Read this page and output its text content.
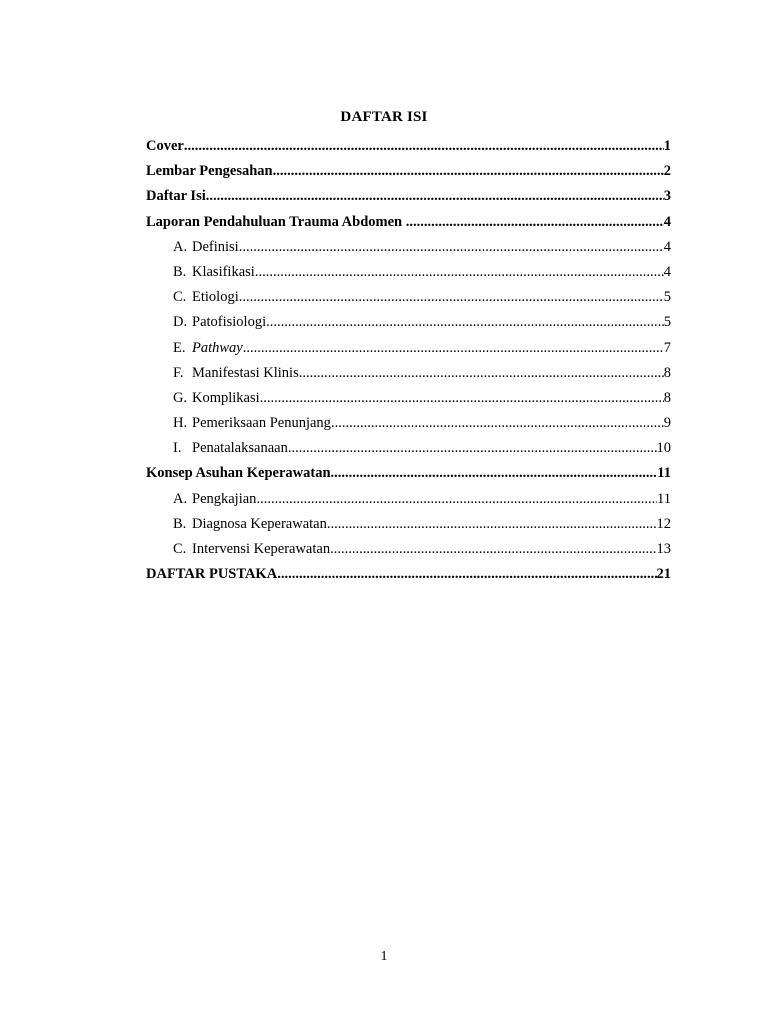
DAFTAR ISI
Cover .....	1
Lembar Pengesahan .....	2
Daftar Isi .....	3
Laporan Pendahuluan Trauma Abdomen .....	4
A. Definisi .....	4
B. Klasifikasi .....	4
C. Etiologi .....	5
D. Patofisiologi .....	5
E. Pathway .....	7
F. Manifestasi Klinis .....	8
G. Komplikasi .....	8
H. Pemeriksaan Penunjang .....	9
I. Penatalaksanaan .....	10
Konsep Asuhan Keperawatan .....	11
A. Pengkajian .....	11
B. Diagnosa Keperawatan .....	12
C. Intervensi Keperawatan .....	13
DAFTAR PUSTAKA .....	21
1
